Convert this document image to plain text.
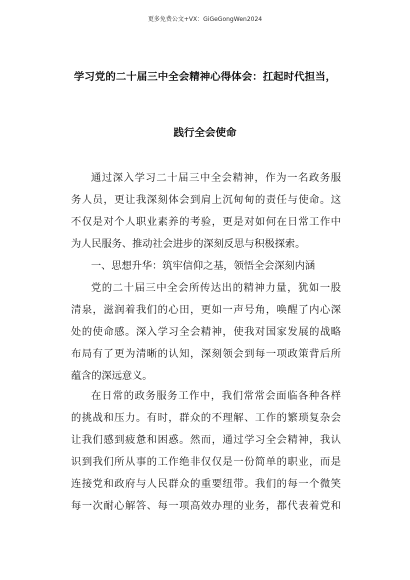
更多免费公文+VX：GiGeGongWen2024
学习党的二十届三中全会精神心得体会：扛起时代担当，
践行全会使命
通过深入学习二十届三中全会精神，作为一名政务服
务人员，更让我深刻体会到肩上沉甸甸的责任与使命。这
不仅是对个人职业素养的考验，更是对如何在日常工作中
为人民服务、推动社会进步的深刻反思与积极探索。
一、思想升华：筑牢信仰之基，领悟全会深刻内涵
党的二十届三中全会所传达出的精神力量，犹如一股
清泉，滋润着我们的心田，更如一声号角，唤醒了内心深
处的使命感。深入学习全会精神，使我对国家发展的战略
布局有了更为清晰的认知，深刻领会到每一项政策背后所
蕴含的深远意义。
在日常的政务服务工作中，我们常常会面临各种各样
的挑战和压力。有时，群众的不理解、工作的繁琐复杂会
让我们感到疲惫和困惑。然而，通过学习全会精神，我认
识到我们所从事的工作绝非仅仅是一份简单的职业，而是
连接党和政府与人民群众的重要纽带。我们的每一个微笑
每一次耐心解答、每一项高效办理的业务，都代表着党和
